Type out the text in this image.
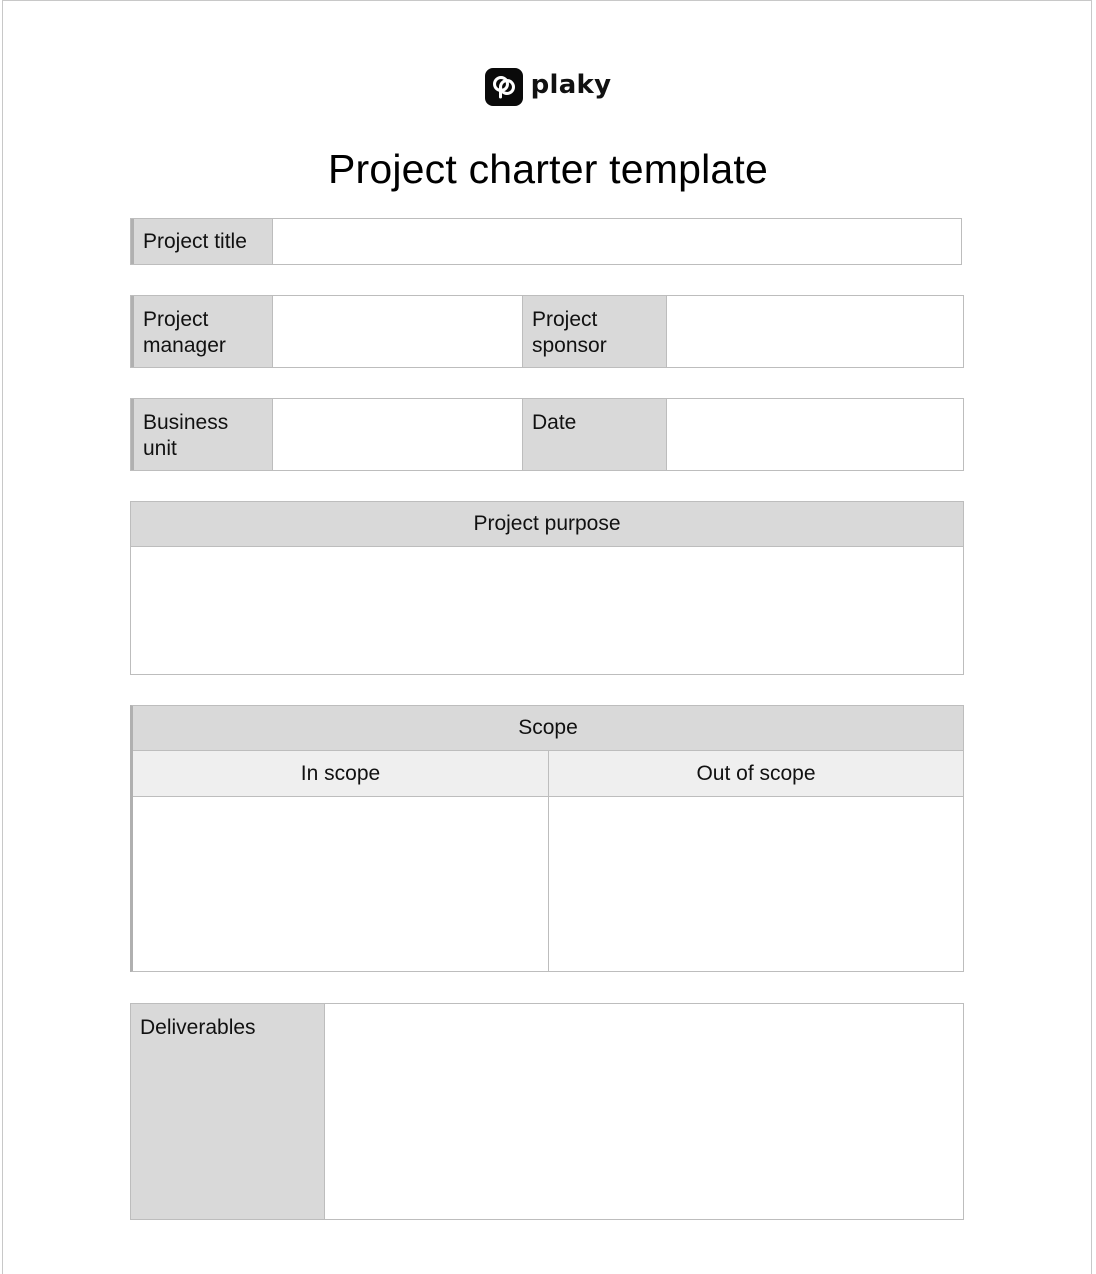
plaky
Project charter template
Project title
Project manager
Project sponsor
Business unit
Date
Project purpose
Scope
In scope	Out of scope
Deliverables
